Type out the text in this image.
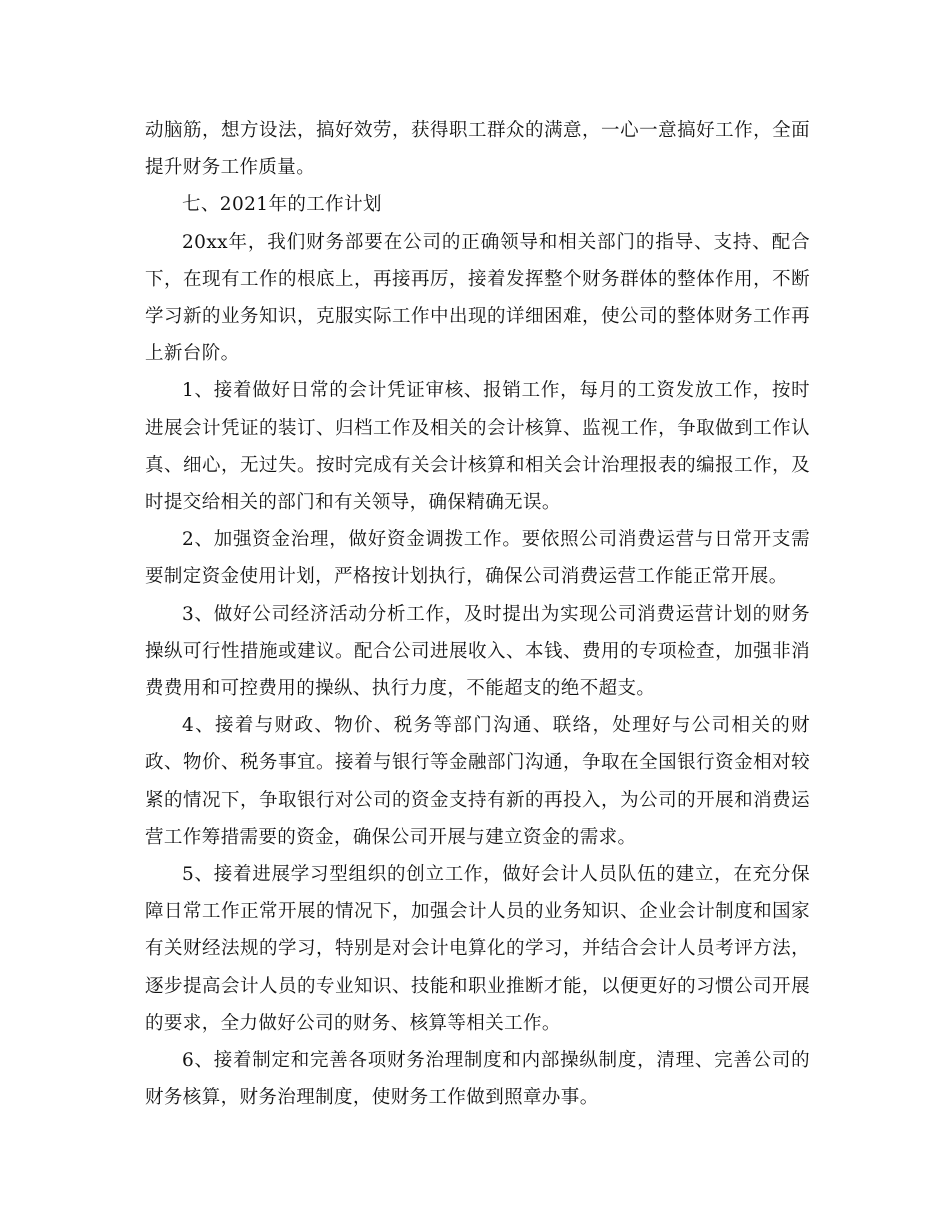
动脑筋，想方设法，搞好效劳，获得职工群众的满意，一心一意搞好工作，全面提升财务工作质量。

七、2021年的工作计划

20xx年，我们财务部要在公司的正确领导和相关部门的指导、支持、配合下，在现有工作的根底上，再接再厉，接着发挥整个财务群体的整体作用，不断学习新的业务知识，克服实际工作中出现的详细困难，使公司的整体财务工作再上新台阶。

1、接着做好日常的会计凭证审核、报销工作，每月的工资发放工作，按时进展会计凭证的装订、归档工作及相关的会计核算、监视工作，争取做到工作认真、细心，无过失。按时完成有关会计核算和相关会计治理报表的编报工作，及时提交给相关的部门和有关领导，确保精确无误。

2、加强资金治理，做好资金调拨工作。要依照公司消费运营与日常开支需要制定资金使用计划，严格按计划执行，确保公司消费运营工作能正常开展。

3、做好公司经济活动分析工作，及时提出为实现公司消费运营计划的财务操纵可行性措施或建议。配合公司进展收入、本钱、费用的专项检查，加强非消费费用和可控费用的操纵、执行力度，不能超支的绝不超支。

4、接着与财政、物价、税务等部门沟通、联络，处理好与公司相关的财政、物价、税务事宜。接着与银行等金融部门沟通，争取在全国银行资金相对较紧的情况下，争取银行对公司的资金支持有新的再投入，为公司的开展和消费运营工作筹措需要的资金，确保公司开展与建立资金的需求。

5、接着进展学习型组织的创立工作，做好会计人员队伍的建立，在充分保障日常工作正常开展的情况下，加强会计人员的业务知识、企业会计制度和国家有关财经法规的学习，特别是对会计电算化的学习，并结合会计人员考评方法，逐步提高会计人员的专业知识、技能和职业推断才能，以便更好的习惯公司开展的要求，全力做好公司的财务、核算等相关工作。

6、接着制定和完善各项财务治理制度和内部操纵制度，清理、完善公司的财务核算，财务治理制度，使财务工作做到照章办事。
